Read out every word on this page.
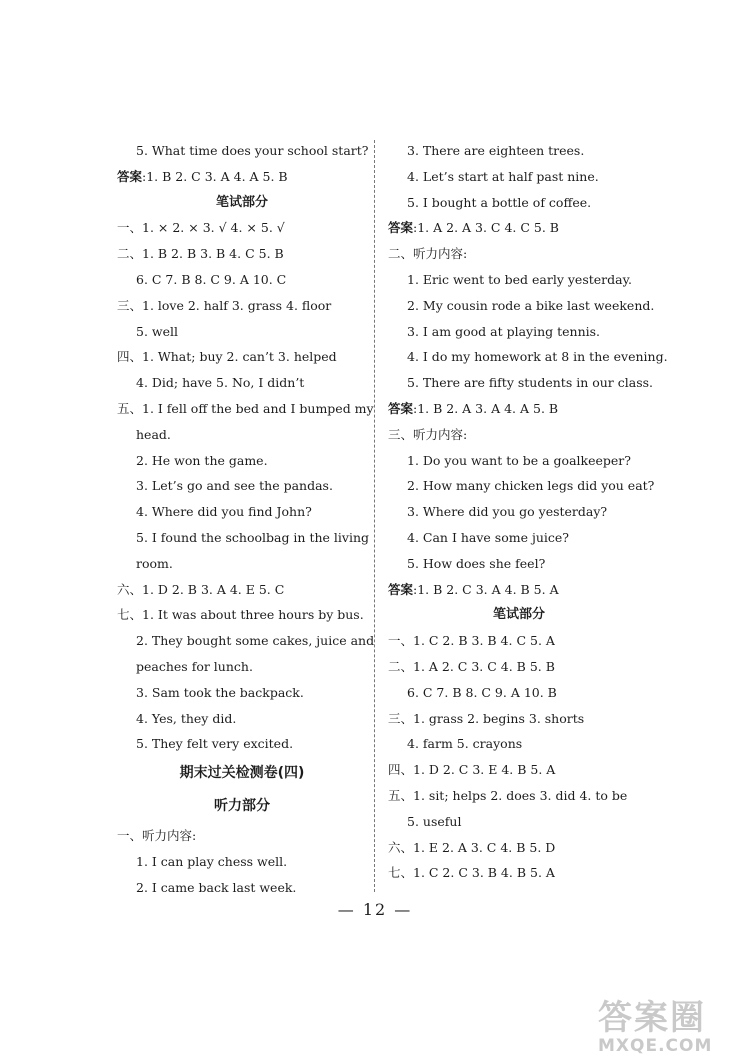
5. What time does your school start?
答案:1. B 2. C 3. A 4. A 5. B
笔试部分
一、1. × 2. × 3. √ 4. × 5. √
二、1. B 2. B 3. B 4. C 5. B
6. C 7. B 8. C 9. A 10. C
三、1. love 2. half 3. grass 4. floor
5. well
四、1. What; buy 2. can’t 3. helped
4. Did; have 5. No, I didn’t
五、1. I fell off the bed and I bumped my
head.
2. He won the game.
3. Let’s go and see the pandas.
4. Where did you find John?
5. I found the schoolbag in the living
room.
六、1. D 2. B 3. A 4. E 5. C
七、1. It was about three hours by bus.
2. They bought some cakes, juice and
peaches for lunch.
3. Sam took the backpack.
4. Yes, they did.
5. They felt very excited.
期末过关检测卷(四)
听力部分
一、听力内容:
1. I can play chess well.
2. I came back last week.
3. There are eighteen trees.
4. Let’s start at half past nine.
5. I bought a bottle of coffee.
答案:1. A 2. A 3. C 4. C 5. B
二、听力内容:
1. Eric went to bed early yesterday.
2. My cousin rode a bike last weekend.
3. I am good at playing tennis.
4. I do my homework at 8 in the evening.
5. There are fifty students in our class.
答案:1. B 2. A 3. A 4. A 5. B
三、听力内容:
1. Do you want to be a goalkeeper?
2. How many chicken legs did you eat?
3. Where did you go yesterday?
4. Can I have some juice?
5. How does she feel?
答案:1. B 2. C 3. A 4. B 5. A
笔试部分
一、1. C 2. B 3. B 4. C 5. A
二、1. A 2. C 3. C 4. B 5. B
6. C 7. B 8. C 9. A 10. B
三、1. grass 2. begins 3. shorts
4. farm 5. crayons
四、1. D 2. C 3. E 4. B 5. A
五、1. sit; helps 2. does 3. did 4. to be
5. useful
六、1. E 2. A 3. C 4. B 5. D
七、1. C 2. C 3. B 4. B 5. A
— 12 —
答案圈
MXQE.COM
